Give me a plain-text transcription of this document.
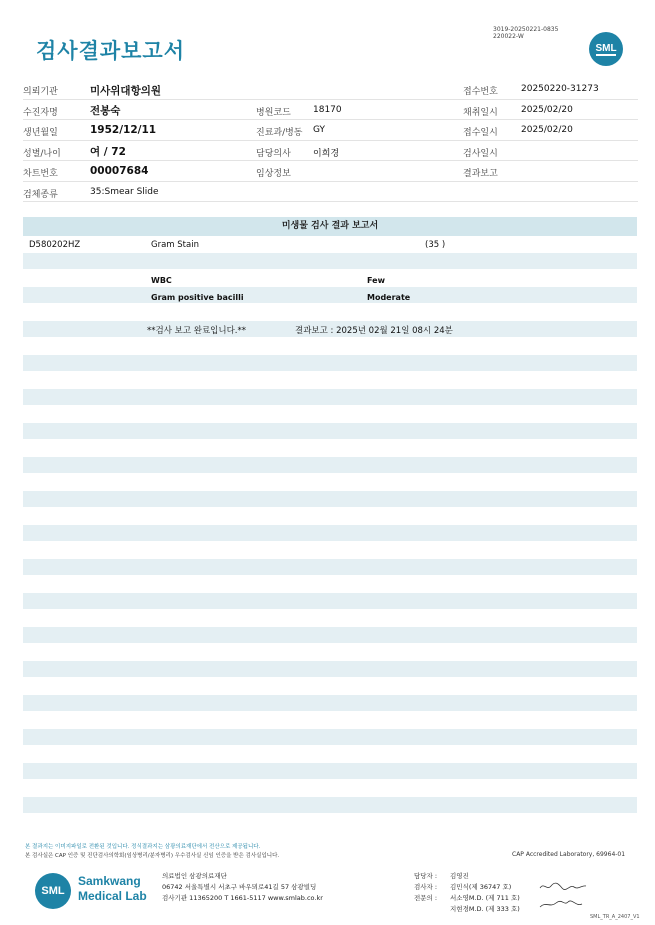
검사결과보고서
3019-20250221-0835
220022-W
SML
의뢰기관	미사위대항의원	접수번호	20250220-31273
수진자명	전봉숙	병원코드 18170	채취일시	2025/02/20
생년월일	1952/12/11	진료과/병동 GY	접수일시	2025/02/20
성별/나이	여 / 72	담당의사 이희경	검사일시
차트번호	00007684	임상정보	결과보고
검체종류	35:Smear Slide
미생물 검사 결과 보고서
D580202HZ	Gram Stain	(35 )
WBC	Few
Gram positive bacilli	Moderate
**검사 보고 완료입니다.**	결과보고 : 2025년 02월 21일 08시 24분
본 결과지는 이미지파일로 전환된 것입니다. 정식결과지는 삼광의료재단에서 전산으로 제공됩니다.
본 검사실은 CAP 인증 및 진단검사의학회(임상병리/분자병리) 우수검사실 신임 인증을 받은 검사실입니다.	CAP Accredited Laboratory, 69964-01
SML
Samkwang
Medical Lab
의료법인 삼광의료재단
06742 서울특별시 서초구 바우뫼로41길 57 삼광빌딩
검사기관 11365200 T 1661-5117 www.smlab.co.kr
담당자 : 김영진
검사자 : 김민식(제 36747 호)
전문의 : 서소영M.D. (제 711 호)
지현경M.D. (제 333 호)
SML_TR_A_2407_V1
